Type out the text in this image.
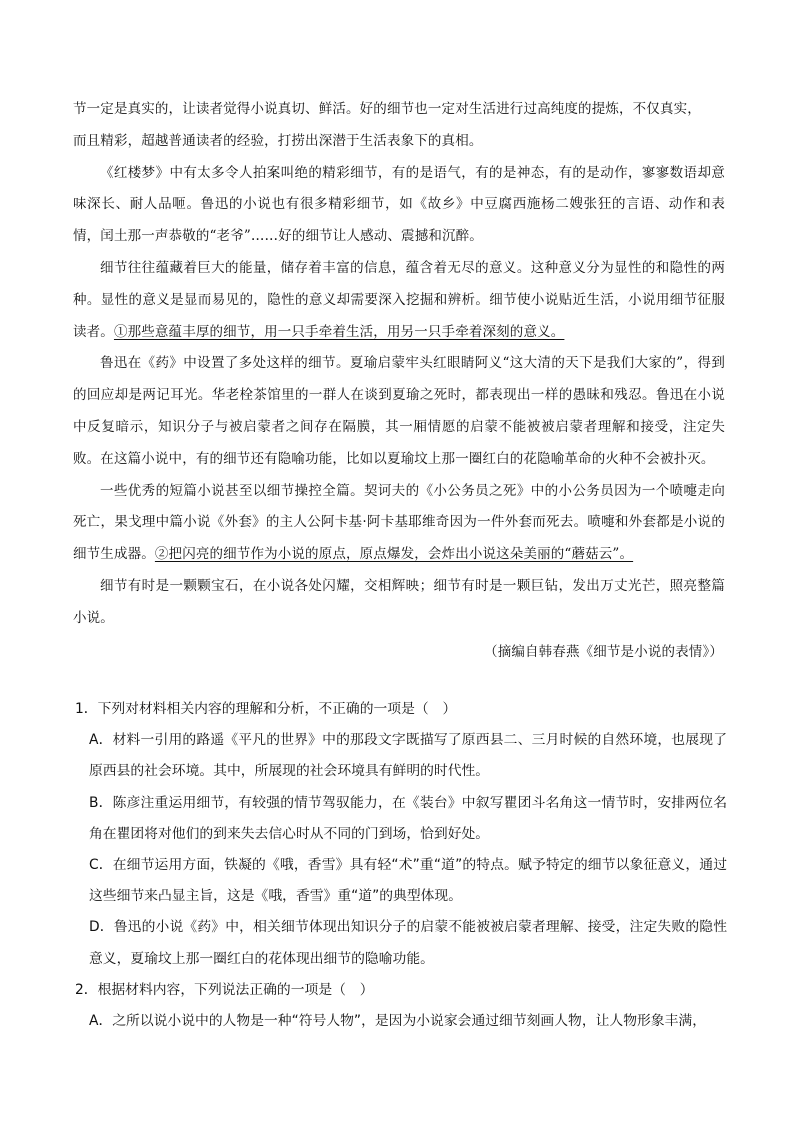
节一定是真实的，让读者觉得小说真切、鲜活。好的细节也一定对生活进行过高纯度的提炼，不仅真实，
而且精彩，超越普通读者的经验，打捞出深潜于生活表象下的真相。

《红楼梦》中有太多令人拍案叫绝的精彩细节，有的是语气，有的是神态，有的是动作，寥寥数语却意味深长、耐人品咂。鲁迅的小说也有很多精彩细节，如《故乡》中豆腐西施杨二嫂张狂的言语、动作和表情，闰土那一声恭敬的“老爷”……好的细节让人感动、震撼和沉醉。

细节往往蕴藏着巨大的能量，储存着丰富的信息，蕴含着无尽的意义。这种意义分为显性的和隐性的两种。显性的意义是显而易见的，隐性的意义却需要深入挖掘和辨析。细节使小说贴近生活，小说用细节征服读者。①那些意蕴丰厚的细节，用一只手牵着生活，用另一只手牵着深刻的意义。

鲁迅在《药》中设置了多处这样的细节。夏瑜启蒙牢头红眼睛阿义“这大清的天下是我们大家的”，得到的回应却是两记耳光。华老栓茶馆里的一群人在谈到夏瑜之死时，都表现出一样的愚昧和残忍。鲁迅在小说中反复暗示，知识分子与被启蒙者之间存在隔膜，其一厢情愿的启蒙不能被被启蒙者理解和接受，注定失败。在这篇小说中，有的细节还有隐喻功能，比如以夏瑜坟上那一圈红白的花隐喻革命的火种不会被扑灭。

一些优秀的短篇小说甚至以细节操控全篇。契诃夫的《小公务员之死》中的小公务员因为一个喷嚏走向死亡，果戈理中篇小说《外套》的主人公阿卡基·阿卡基耶维奇因为一件外套而死去。喷嚏和外套都是小说的细节生成器。②把闪亮的细节作为小说的原点，原点爆发，会炸出小说这朵美丽的“蘑菇云”。

细节有时是一颗颗宝石，在小说各处闪耀，交相辉映；细节有时是一颗巨钻，发出万丈光芒，照亮整篇小说。

（摘编自韩春燕《细节是小说的表情》）

1．下列对材料相关内容的理解和分析，不正确的一项是（　）

A．材料一引用的路遥《平凡的世界》中的那段文字既描写了原西县二、三月时候的自然环境，也展现了原西县的社会环境。其中，所展现的社会环境具有鲜明的时代性。

B．陈彦注重运用细节，有较强的情节驾驭能力，在《装台》中叙写瞿团斗名角这一情节时，安排两位名角在瞿团将对他们的到来失去信心时从不同的门到场，恰到好处。

C．在细节运用方面，铁凝的《哦，香雪》具有轻“术”重“道”的特点。赋予特定的细节以象征意义，通过这些细节来凸显主旨，这是《哦，香雪》重“道”的典型体现。

D．鲁迅的小说《药》中，相关细节体现出知识分子的启蒙不能被被启蒙者理解、接受，注定失败的隐性意义，夏瑜坟上那一圈红白的花体现出细节的隐喻功能。

2．根据材料内容，下列说法正确的一项是（　）

A．之所以说小说中的人物是一种“符号人物”，是因为小说家会通过细节刻画人物，让人物形象丰满，
